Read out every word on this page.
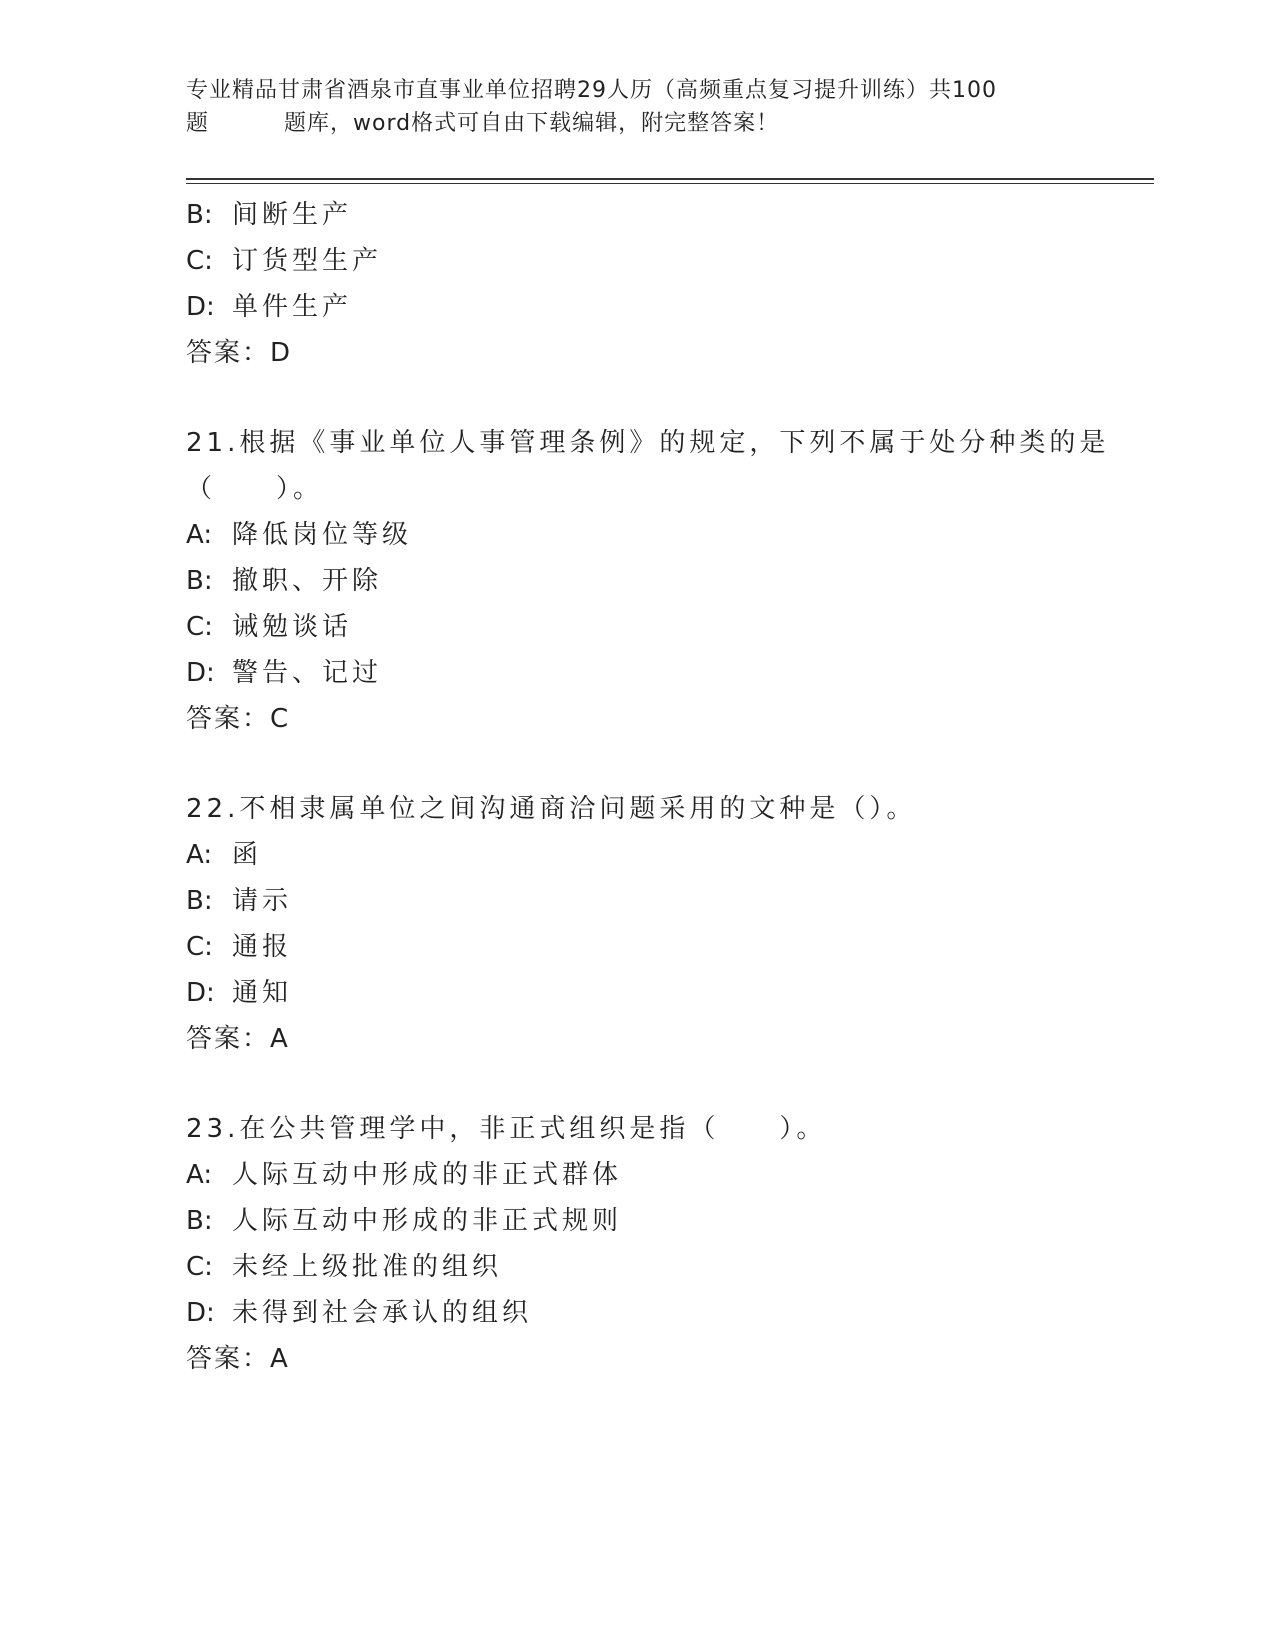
专业精品甘肃省酒泉市直事业单位招聘29人历（高频重点复习提升训练）共100
题	题库，word格式可自由下载编辑，附完整答案！
B: 间断生产
C: 订货型生产
D: 单件生产
答案：D
21.根据《事业单位人事管理条例》的规定，下列不属于处分种类的是
（　　）。
A: 降低岗位等级
B: 撤职、开除
C: 诫勉谈话
D: 警告、记过
答案：C
22.不相隶属单位之间沟通商洽问题采用的文种是（）。
A: 函
B: 请示
C: 通报
D: 通知
答案：A
23.在公共管理学中，非正式组织是指（　　）。
A: 人际互动中形成的非正式群体
B: 人际互动中形成的非正式规则
C: 未经上级批准的组织
D: 未得到社会承认的组织
答案：A
